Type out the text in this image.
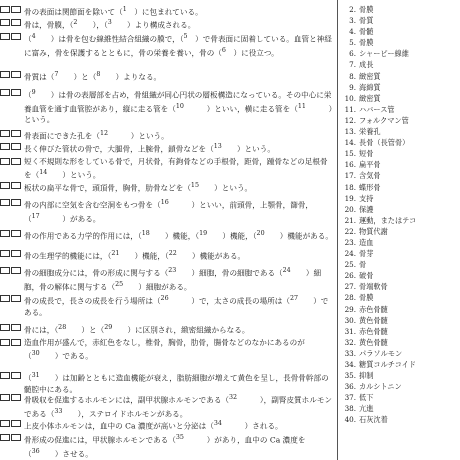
骨の表面は関節面を除いて（$^1$　）に包まれている。
骨は，骨膜，（$^2$　　），（$^3$　　）より構成される。
（$^4$　　）は骨を包む線維性結合組織の膜で，（$^5$　）で骨表面に固着している。血管と神経に富み，骨を保護するとともに，骨の栄養を養い，骨の（$^6$　）に役立つ。
骨質は（$^7$　　）と（$^8$　　）よりなる。
（$^9$　　）は骨の表層部を占め，骨組織が同心円状の層板構造になっている。その中心に栄養血管を通す血管腔があり，縦に走る管を（$^{10}$　　　）といい，横に走る管を（$^{11}$　　　）という。
骨表面にできた孔を（$^{12}$　　　）という。
長く伸びた管状の骨で，大腿骨，上腕骨，鎖骨などを（$^{13}$　　）という。
短く不規則な形をしている骨で，月状骨，有鉤骨などの手根骨，距骨，踵骨などの足根骨を（$^{14}$　　）という。
板状の扁平な骨で，頭頂骨，胸骨，肋骨などを（$^{15}$　　）という。
骨の内部に空気を含む空洞をもつ骨を（$^{16}$　　　）といい，前頭骨，上顎骨，篩骨，（$^{17}$　　　）がある。
骨の作用である力学的作用には，（$^{18}$　　）機能，（$^{19}$　　）機能，（$^{20}$　　）機能がある。
骨の生理学的機能には，（$^{21}$　　）機能，（$^{22}$　　）機能がある。
骨の細胞成分には，骨の形成に関与する（$^{23}$　　）細胞，骨の細胞である（$^{24}$　　）細胞，骨の解体に関与する（$^{25}$　　）細胞がある。
骨の成長で，長さの成長を行う場所は（$^{26}$　　　）で，太さの成長の場所は（$^{27}$　　）である。
骨には，（$^{28}$　　）と（$^{29}$　　）に区別され，緻密組織からなる。
造血作用が盛んで，赤紅色をなし，椎骨，胸骨，肋骨，腸骨などのなかにあるのが（$^{30}$　　）である。
（$^{31}$　　）は加齢とともに造血機能が衰え，脂肪細胞が増えて黄色を呈し，長骨骨幹部の髄腔中にある。
骨吸収を促進するホルモンには，副甲状腺ホルモンである（$^{32}$　　　），副腎皮質ホルモンである（$^{33}$　　），ステロイドホルモンがある。
上皮小体ホルモンは，血中の Ca 濃度が高いと分泌は（$^{34}$　　　）される。
骨形成の促進には，甲状腺ホルモンである（$^{35}$　　　）があり，血中の Ca 濃度を（$^{36}$　　）させる。
2. 骨膜
3. 骨質
4. 骨髄
5. 骨膜
6. シャーピー線維
7. 成長
8. 緻密質
9. 海綿質
10. 緻密質
11. ハバース管
12. フォルクマン管
13. 栄養孔
14. 長骨（長管骨）
15. 短骨
16. 扁平骨
17. 含気骨
18. 蝶形骨
19. 支持
20. 保護
21. 運動，またはテコ
22. 物質代謝
23. 造血
24. 骨芽
25. 骨
26. 破骨
27. 骨端軟骨
28. 骨膜
29. 赤色骨髄
30. 黄色骨髄
31. 赤色骨髄
32. 黄色骨髄
33. パラソルモン
34. 糖質コルチコイド
35. 抑制
36. カルシトニン
37. 低下
38. 亢進
40. 石灰沈着
